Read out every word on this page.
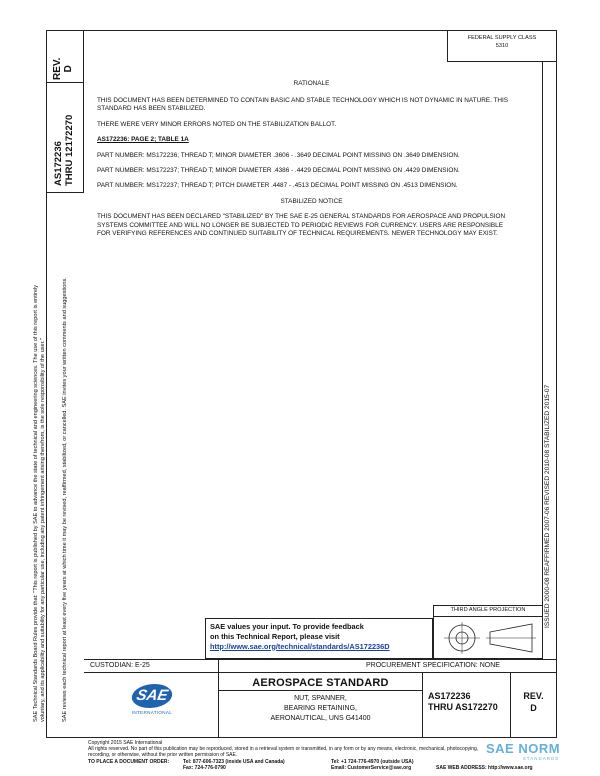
REV. D
AS172236 THRU 12172270
SAE Technical Standards Board Rules provide that: "This report is published by SAE to advance the state of technical and engineering sciences. The use of this report is entirely voluntary, and its applicability and suitability for any particular use, including any patent infringement arising therefrom, is the sole responsibility of the user."	SAE reviews each technical report at least every five years at which time it may be revised, reaffirmed, stabilized, or cancelled. SAE invites your written comments and suggestions.
FEDERAL SUPPLY CLASS
5310
ISSUED 2000-08 REAFFIRMED 2007-06 REVISED 2010-08 STABILIZED 2015-07
RATIONALE

THIS DOCUMENT HAS BEEN DETERMINED TO CONTAIN BASIC AND STABLE TECHNOLOGY WHICH IS NOT DYNAMIC IN NATURE. THIS STANDARD HAS BEEN STABILIZED.

THERE WERE VERY MINOR ERRORS NOTED ON THE STABILIZATION BALLOT.

AS172236: PAGE 2; TABLE 1A

PART NUMBER: MS172236; THREAD T; MINOR DIAMETER .3606 - .3649 DECIMAL POINT MISSING ON .3649 DIMENSION.

PART NUMBER: MS172237; THREAD T; MINOR DIAMETER .4386 - .4429 DECIMAL POINT MISSING ON .4429 DIMENSION.

PART NUMBER: MS172237; THREAD T; PITCH DIAMETER .4487 - .4513 DECIMAL POINT MISSING ON .4513 DIMENSION.

STABILIZED NOTICE

THIS DOCUMENT HAS BEEN DECLARED "STABILIZED" BY THE SAE E-25 GENERAL STANDARDS FOR AEROSPACE AND PROPULSION SYSTEMS COMMITTEE AND WILL NO LONGER BE SUBJECTED TO PERIODIC REVIEWS FOR CURRENCY. USERS ARE RESPONSIBLE FOR VERIFYING REFERENCES AND CONTINUED SUITABILITY OF TECHNICAL REQUIREMENTS. NEWER TECHNOLOGY MAY EXIST.

SAE values your input. To provide feedback
on this Technical Report, please visit
http://www.sae.org/technical/standards/AS172236D
THIRD ANGLE PROJECTION
CUSTODIAN: E-25	PROCUREMENT SPECIFICATION: NONE
SAE
INTERNATIONAL
AEROSPACE STANDARD
NUT, SPANNER,
BEARING RETAINING,
AERONAUTICAL, UNS G41400
AS172236
THRU AS172270
REV.
D
Copyright 2015 SAE International
All rights reserved. No part of this publication may be reproduced, stored in a retrieval system or transmitted, in any form or by any means, electronic, mechanical, photocopying,
recording, or otherwise, without the prior written permission of SAE.
TO PLACE A DOCUMENT ORDER:	Tel: 877-606-7323 (inside USA and Canada)
Fax: 724-776-0790
Tel: +1 724-776-4970 (outside USA)
Email: CustomerService@sae.org	SAE WEB ADDRESS: http://www.sae.org
SAE NORM
STANDARDS
